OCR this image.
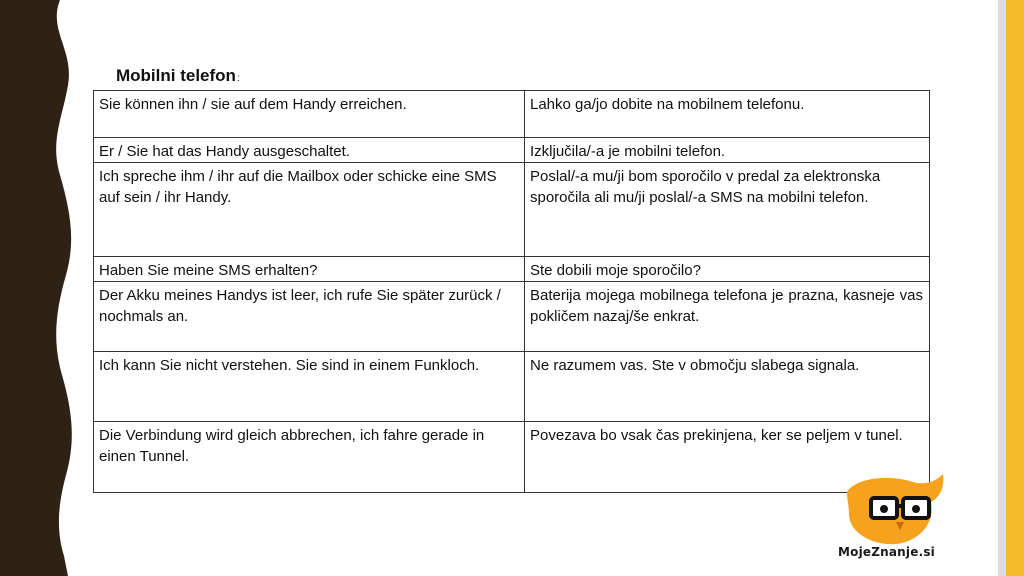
Mobilni telefon:
Sie können ihn / sie auf dem Handy erreichen.	Lahko ga/jo dobite na mobilnem telefonu.
Er / Sie hat das Handy ausgeschaltet.	Izključila/-a je mobilni telefon.
Ich spreche ihm / ihr auf die Mailbox oder schicke eine SMS auf sein / ihr Handy.	Poslal/-a mu/ji bom sporočilo v predal za elektronska sporočila ali mu/ji poslal/-a SMS na mobilni telefon.
Haben Sie meine SMS erhalten?	Ste dobili moje sporočilo?
Der Akku meines Handys ist leer, ich rufe Sie später zurück / nochmals an.	Baterija mojega mobilnega telefona je prazna, kasneje vas pokličem nazaj/še enkrat.
Ich kann Sie nicht verstehen. Sie sind in einem Funkloch.	Ne razumem vas. Ste v območju slabega signala.
Die Verbindung wird gleich abbrechen, ich fahre gerade in einen Tunnel.	Povezava bo vsak čas prekinjena, ker se peljem v tunel.
MojeZnanje.si
